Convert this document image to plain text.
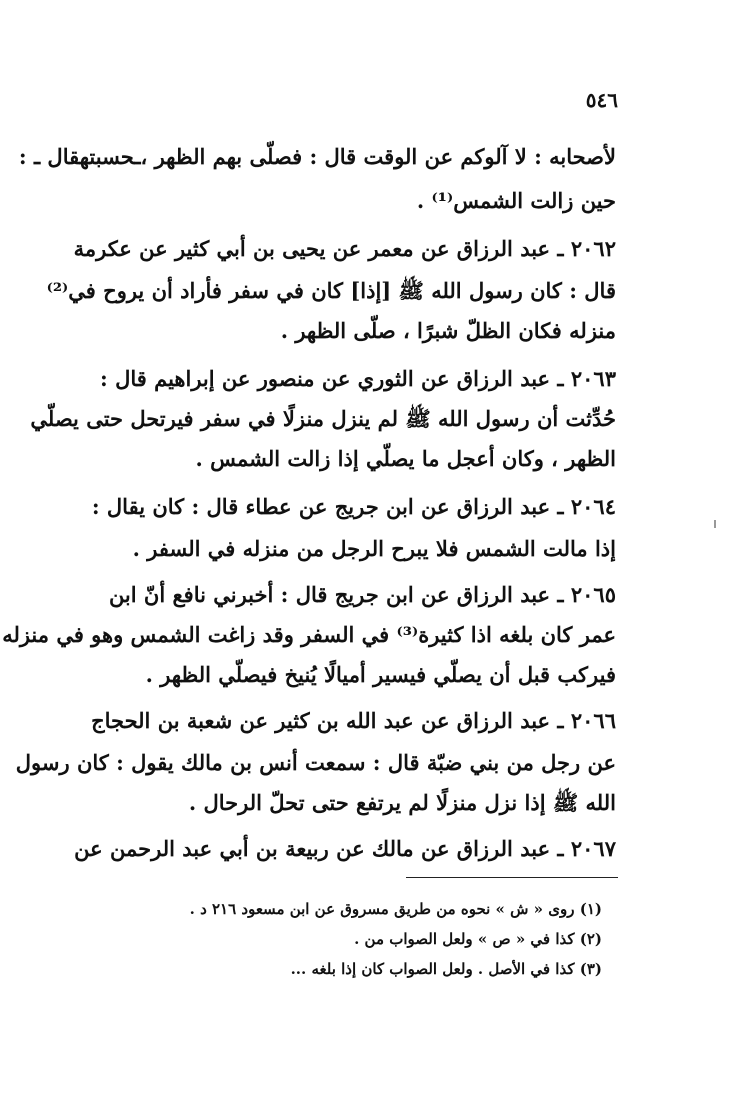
٥٤٦
لأصحابه : لا آلوكم عن الوقت قال : فصلّى بهم الظهر ،ـحسبتهقال ـ :
حين زالت الشمس⁽¹⁾ .
٢٠٦٢ ـ عبد الرزاق عن معمر عن يحيى بن أبي كثير عن عكرمة
قال : كان رسول الله ﷺ [إذا] كان في سفر فأراد أن يروح في⁽²⁾
منزله فكان الظلّ شبرًا ، صلّى الظهر .
٢٠٦٣ ـ عبد الرزاق عن الثوري عن منصور عن إبراهيم قال :
حُدِّثت أن رسول الله ﷺ لم ينزل منزلًا في سفر فيرتحل حتى يصلّي
الظهر ، وكان أعجل ما يصلّي إذا زالت الشمس .
٢٠٦٤ ـ عبد الرزاق عن ابن جريج عن عطاء قال : كان يقال :
إذا مالت الشمس فلا يبرح الرجل من منزله في السفر .
٢٠٦٥ ـ عبد الرزاق عن ابن جريج قال : أخبرني نافع أنّ ابن
عمر كان بلغه اذا كثيرة⁽³⁾ في السفر وقد زاغت الشمس وهو في منزله
فيركب قبل أن يصلّي فيسير أميالًا يُنيخ فيصلّي الظهر .
٢٠٦٦ ـ عبد الرزاق عن عبد الله بن كثير عن شعبة بن الحجاج
عن رجل من بني ضبّة قال : سمعت أنس بن مالك يقول : كان رسول
الله ﷺ إذا نزل منزلًا لم يرتفع حتى تحلّ الرحال .
٢٠٦٧ ـ عبد الرزاق عن مالك عن ربيعة بن أبي عبد الرحمن عن
(١) روى « ش » نحوه من طريق مسروق عن ابن مسعود ٢١٦ د .
(٢) كذا في « ص » ولعل الصواب من .
(٣) كذا في الأصل . ولعل الصواب كان إذا بلغه ...
